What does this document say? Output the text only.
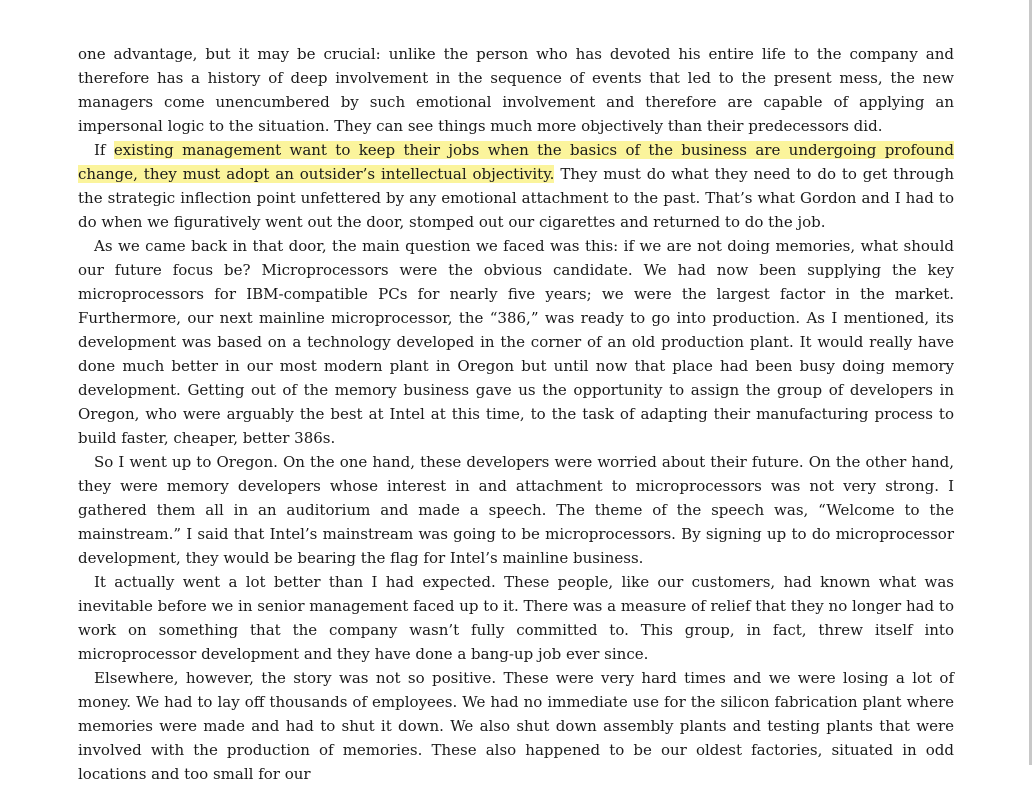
one advantage, but it may be crucial: unlike the person who has devoted his entire life to the company and therefore has a history of deep involvement in the sequence of events that led to the present mess, the new managers come unencumbered by such emotional involvement and therefore are capable of applying an impersonal logic to the situation. They can see things much more objectively than their predecessors did.

If existing management want to keep their jobs when the basics of the business are undergoing profound change, they must adopt an outsider’s intellectual objectivity. They must do what they need to do to get through the strategic inflection point unfettered by any emotional attachment to the past. That’s what Gordon and I had to do when we figuratively went out the door, stomped out our cigarettes and returned to do the job.

As we came back in that door, the main question we faced was this: if we are not doing memories, what should our future focus be? Microprocessors were the obvious candidate. We had now been supplying the key microprocessors for IBM-compatible PCs for nearly five years; we were the largest factor in the market. Furthermore, our next mainline microprocessor, the “386,” was ready to go into production. As I mentioned, its development was based on a technology developed in the corner of an old production plant. It would really have done much better in our most modern plant in Oregon but until now that place had been busy doing memory development. Getting out of the memory business gave us the opportunity to assign the group of developers in Oregon, who were arguably the best at Intel at this time, to the task of adapting their manufacturing process to build faster, cheaper, better 386s.

So I went up to Oregon. On the one hand, these developers were worried about their future. On the other hand, they were memory developers whose interest in and attachment to microprocessors was not very strong. I gathered them all in an auditorium and made a speech. The theme of the speech was, “Welcome to the mainstream.” I said that Intel’s mainstream was going to be microprocessors. By signing up to do microprocessor development, they would be bearing the flag for Intel’s mainline business.

It actually went a lot better than I had expected. These people, like our customers, had known what was inevitable before we in senior management faced up to it. There was a measure of relief that they no longer had to work on something that the company wasn’t fully committed to. This group, in fact, threw itself into microprocessor development and they have done a bang-up job ever since.

Elsewhere, however, the story was not so positive. These were very hard times and we were losing a lot of money. We had to lay off thousands of employees. We had no immediate use for the silicon fabrication plant where memories were made and had to shut it down. We also shut down assembly plants and testing plants that were involved with the production of memories. These also happened to be our oldest factories, situated in odd locations and too small for our
